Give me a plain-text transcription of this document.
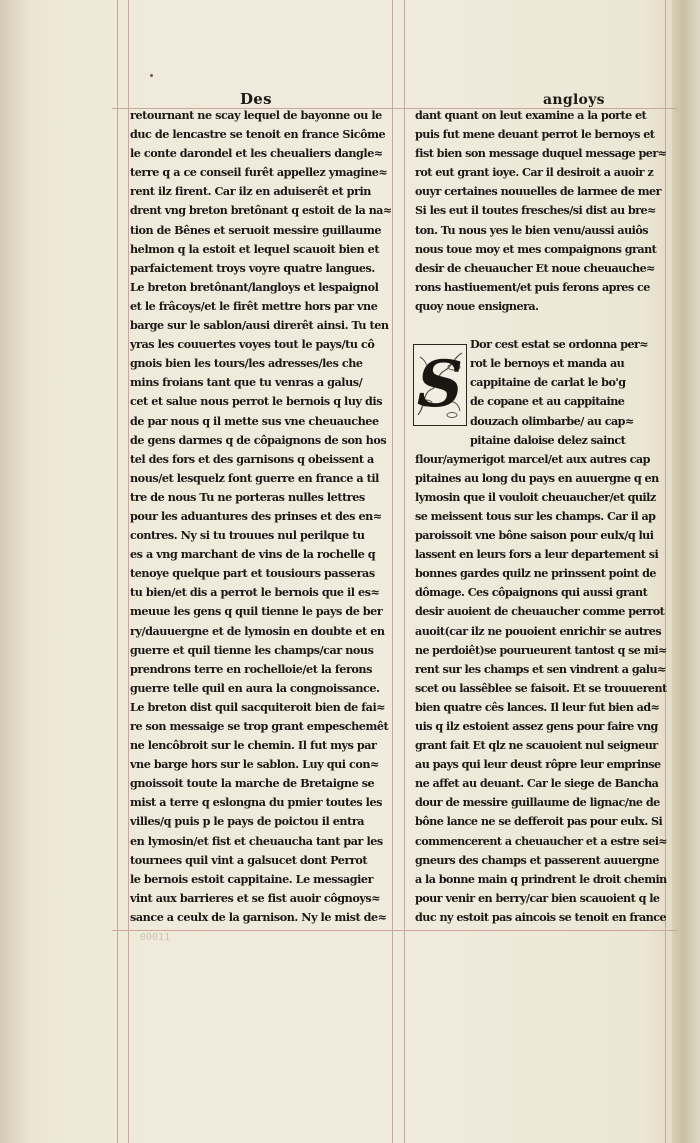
Des	angloys
retournant ne scay lequel de bayonne ou le
duc de lencastre se tenoit en france Sicôme
le conte darondel et les cheualiers dangle≈
terre q a ce conseil furêt appellez ymagine≈
rent ilz firent. Car ilz en aduiserêt et prin
drent vng breton bretônant q estoit de la na≈
tion de Bênes et seruoit messire guillaume
helmon q la estoit et lequel scauoit bien et
parfaictement troys voyre quatre langues.
Le breton bretônant/langloys et lespaignol
et le frâcoys/et le firêt mettre hors par vne
barge sur le sablon/ausi direrêt ainsi. Tu ten
yras les couuertes voyes tout le pays/tu cô
gnois bien les tours/les adresses/les che
mins froians tant que tu venras a galus/
cet et salue nous perrot le bernois q luy dis
de par nous q il mette sus vne cheuauchee
de gens darmes q de côpaignons de son hos
tel des fors et des garnisons q obeissent a
nous/et lesquelz font guerre en france a til
tre de nous Tu ne porteras nulles lettres
pour les aduantures des prinses et des en≈
contres. Ny si tu trouues nul perilque tu
es a vng marchant de vins de la rochelle q
tenoye quelque part et tousiours passeras
tu bien/et dis a perrot le bernois que il es≈
meuue les gens q quil tienne le pays de ber
ry/dauuergne et de lymosin en doubte et en
guerre et quil tienne les champs/car nous
prendrons terre en rochelloie/et la ferons
guerre telle quil en aura la congnoissance.
Le breton dist quil sacquiteroit bien de fai≈
re son messaige se trop grant empeschemêt
ne lencôbroit sur le chemin. Il fut mys par
vne barge hors sur le sablon. Luy qui con≈
gnoissoit toute la marche de Bretaigne se
mist a terre q eslongna du pmier toutes les
villes/q puis p le pays de poictou il entra
en lymosin/et fist et cheuaucha tant par les
tournees quil vint a galsucet dont Perrot
le bernois estoit cappitaine. Le messagier
vint aux barrieres et se fist auoir côgnoys≈
sance a ceulx de la garnison. Ny le mist de≈
dant quant on leut examine a la porte et
puis fut mene deuant perrot le bernoys et
fist bien son message duquel message per≈
rot eut grant ioye. Car il desiroit a auoir z
ouyr certaines nouuelles de larmee de mer
Si les eut il toutes fresches/si dist au bre≈
ton. Tu nous yes le bien venu/aussi auiôs
nous toue moy et mes compaignons grant
desir de cheuaucher Et noue cheuauche≈
rons hastiuement/et puis ferons apres ce
quoy noue ensignera.
Dor cest estat se ordonna per≈
rot le bernoys et manda au
cappitaine de carlat le bo'g
de copane et au cappitaine
douzach olimbarbe/ au cap≈
pitaine daloise delez sainct
flour/aymerigot marcel/et aux autres cap
pitaines au long du pays en auuergne q en
lymosin que il vouloit cheuaucher/et quilz
se meissent tous sur les champs. Car il ap
paroissoit vne bône saison pour eulx/q lui
lassent en leurs fors a leur departement si
bonnes gardes quilz ne prinssent point de
dômage. Ces côpaignons qui aussi grant
desir auoient de cheuaucher comme perrot
auoit(car ilz ne pouoient enrichir se autres
ne perdoiêt)se pourueurent tantost q se mi≈
rent sur les champs et sen vindrent a galu≈
scet ou lassêblee se faisoit. Et se trouuerent
bien quatre cês lances. Il leur fut bien ad≈
uis q ilz estoient assez gens pour faire vng
grant fait Et qlz ne scauoient nul seigneur
au pays qui leur deust rôpre leur emprinse
ne affet au deuant. Car le siege de Bancha
dour de messire guillaume de lignac/ne de
bône lance ne se defferoit pas pour eulx. Si
commencerent a cheuaucher et a estre sei≈
gneurs des champs et passerent auuergne
a la bonne main q prindrent le droit chemin
pour venir en berry/car bien scauoient q le
duc ny estoit pas aincois se tenoit en france
S
00011
